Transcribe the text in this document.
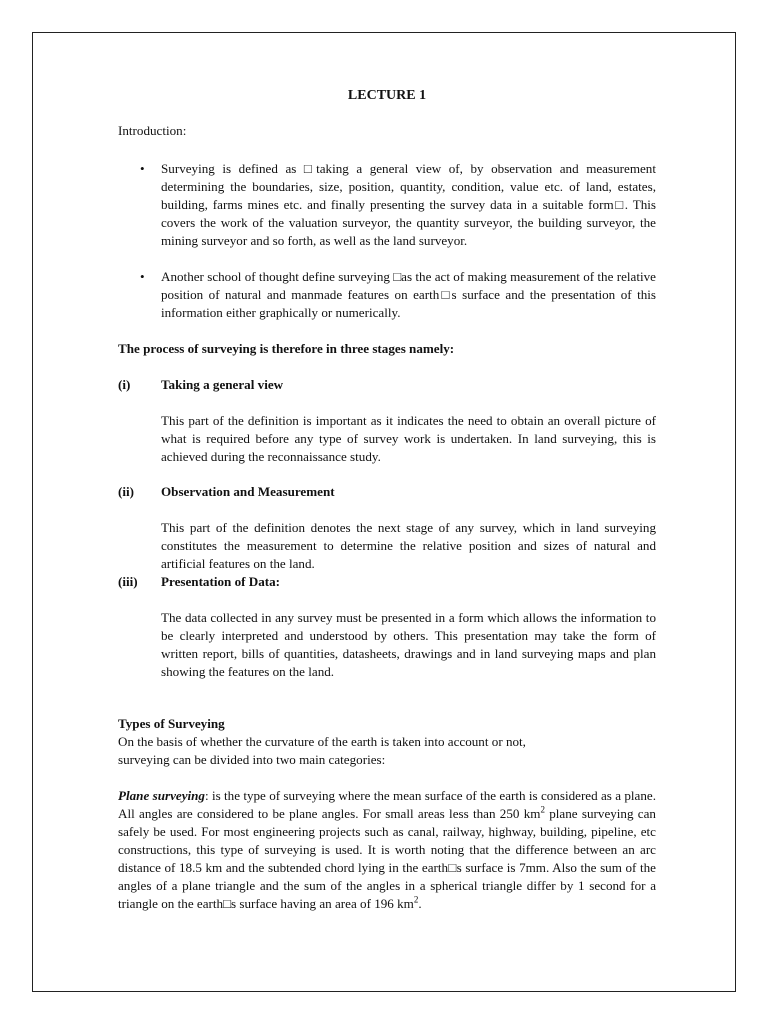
LECTURE 1

Introduction:

• Surveying is defined as □taking a general view of, by observation and measurement determining the boundaries, size, position, quantity, condition, value etc. of land, estates, building, farms mines etc. and finally presenting the survey data in a suitable form□. This covers the work of the valuation surveyor, the quantity surveyor, the building surveyor, the mining surveyor and so forth, as well as the land surveyor.
• Another school of thought define surveying □as the act of making measurement of the relative position of natural and manmade features on earth□s surface and the presentation of this information either graphically or numerically.

The process of surveying is therefore in three stages namely:

(i)	Taking a general view

This part of the definition is important as it indicates the need to obtain an overall picture of what is required before any type of survey work is undertaken. In land surveying, this is achieved during the reconnaissance study.

(ii)	Observation and Measurement

This part of the definition denotes the next stage of any survey, which in land surveying constitutes the measurement to determine the relative position and sizes of natural and artificial features on the land.

(iii)	Presentation of Data:

The data collected in any survey must be presented in a form which allows the information to be clearly interpreted and understood by others. This presentation may take the form of written report, bills of quantities, datasheets, drawings and in land surveying maps and plan showing the features on the land.

Types of Surveying

On the basis of whether the curvature of the earth is taken into account or not,

surveying can be divided into two main categories:

Plane surveying: is the type of surveying where the mean surface of the earth is considered as a plane. All angles are considered to be plane angles. For small areas less than 250 $km^2$ plane surveying can safely be used. For most engineering projects such as canal, railway, highway, building, pipeline, etc constructions, this type of surveying is used. It is worth noting that the difference between an arc distance of 18.5 km and the subtended chord lying in the earth□s surface is 7mm. Also the sum of the angles of a plane triangle and the sum of the angles in a spherical triangle differ by 1 second for a triangle on the earth□s surface having an area of 196 $km^2$.
